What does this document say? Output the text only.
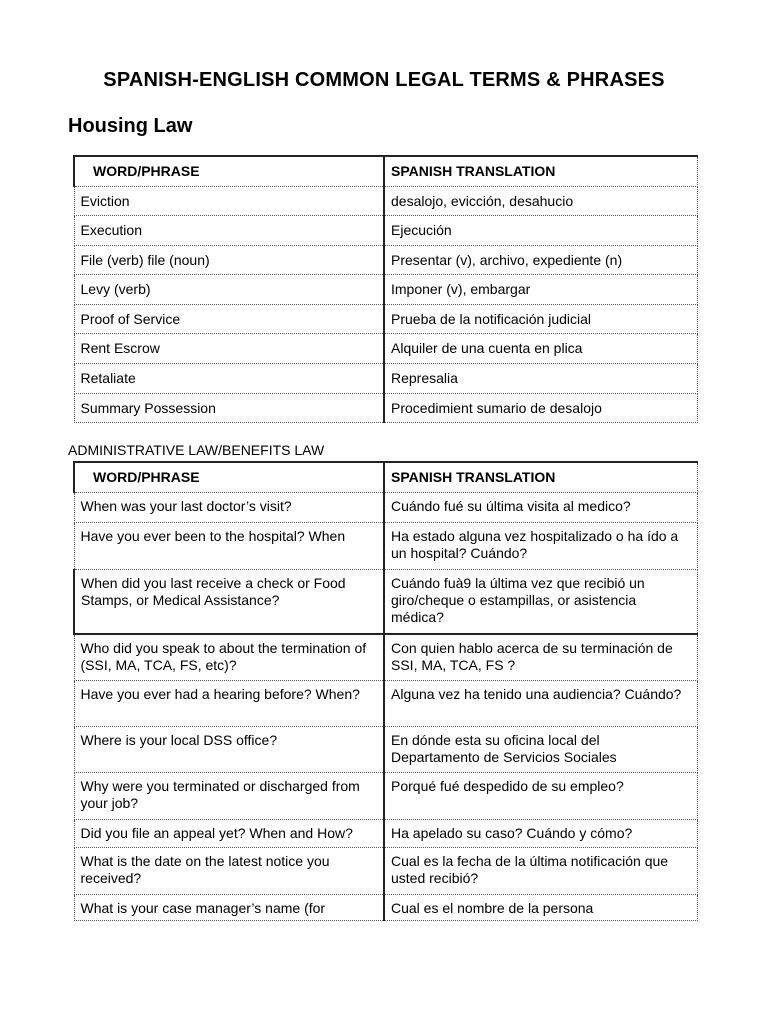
SPANISH-ENGLISH COMMON LEGAL TERMS & PHRASES
Housing Law
WORD/PHRASE	SPANISH TRANSLATION
Eviction	desalojo, evicción, desahucio
Execution	Ejecución
File (verb) file (noun)	Presentar (v), archivo, expediente (n)
Levy (verb)	Imponer (v), embargar
Proof of Service	Prueba de la notificación judicial
Rent Escrow	Alquiler de una cuenta en plica
Retaliate	Represalia
Summary Possession	Procedimient sumario de desalojo
ADMINISTRATIVE LAW/BENEFITS LAW
WORD/PHRASE	SPANISH TRANSLATION
When was your last doctor’s visit?	Cuándo fué su última visita al medico?
Have you ever been to the hospital? When	Ha estado alguna vez hospitalizado o ha ído a un hospital? Cuándo?
When did you last receive a check or Food Stamps, or Medical Assistance?	Cuándo fuà9 la última vez que recibió un giro/cheque o estampillas, or asistencia médica?
Who did you speak to about the termination of (SSI, MA, TCA, FS, etc)?	Con quien hablo acerca de su terminación de SSI, MA, TCA, FS ?
Have you ever had a hearing before? When?	Alguna vez ha tenido una audiencia? Cuándo?
Where is your local DSS office?	En dónde esta su oficina local del Departamento de Servicios Sociales
Why were you terminated or discharged from your job?	Porqué fué despedido de su empleo?
Did you file an appeal yet? When and How?	Ha apelado su caso? Cuándo y cómo?
What is the date on the latest notice you received?	Cual es la fecha de la última notificación que usted recibió?
What is your case manager’s name (for	Cual es el nombre de la persona
